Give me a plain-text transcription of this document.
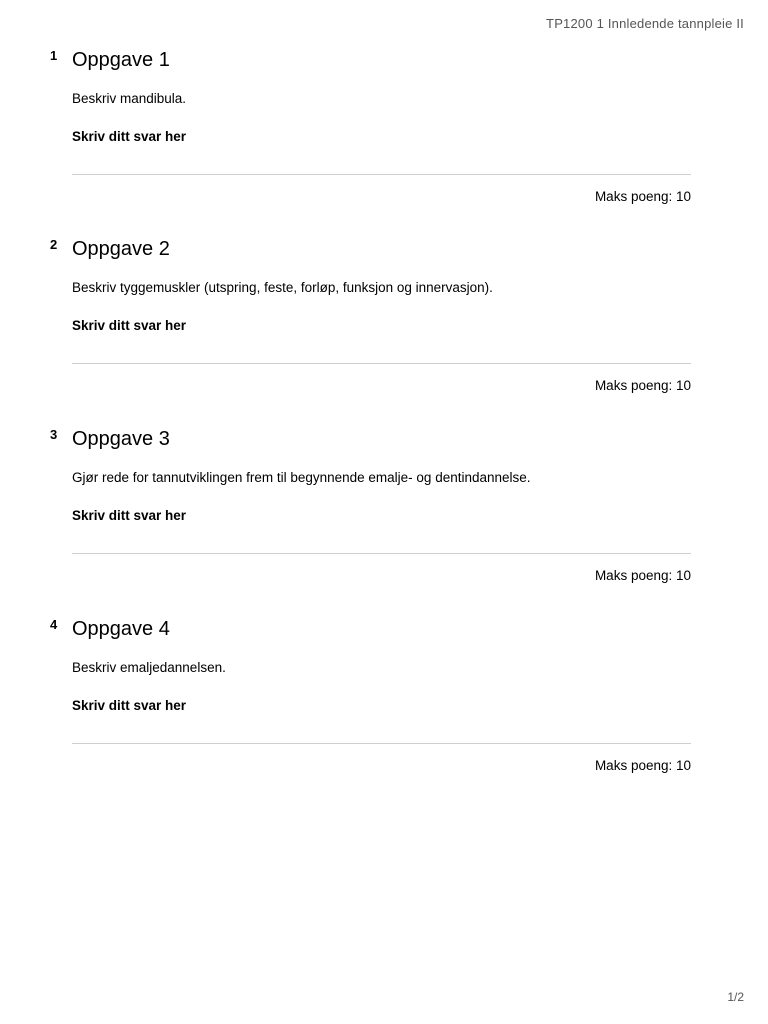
TP1200 1 Innledende tannpleie II
1 Oppgave 1

Beskriv mandibula.

Skriv ditt svar her

Maks poeng: 10
2 Oppgave 2

Beskriv tyggemuskler (utspring, feste, forløp, funksjon og innervasjon).

Skriv ditt svar her

Maks poeng: 10
3 Oppgave 3

Gjør rede for tannutviklingen frem til begynnende emalje- og dentindannelse.

Skriv ditt svar her

Maks poeng: 10
4 Oppgave 4

Beskriv emaljedannelsen.

Skriv ditt svar her

Maks poeng: 10
1/2
